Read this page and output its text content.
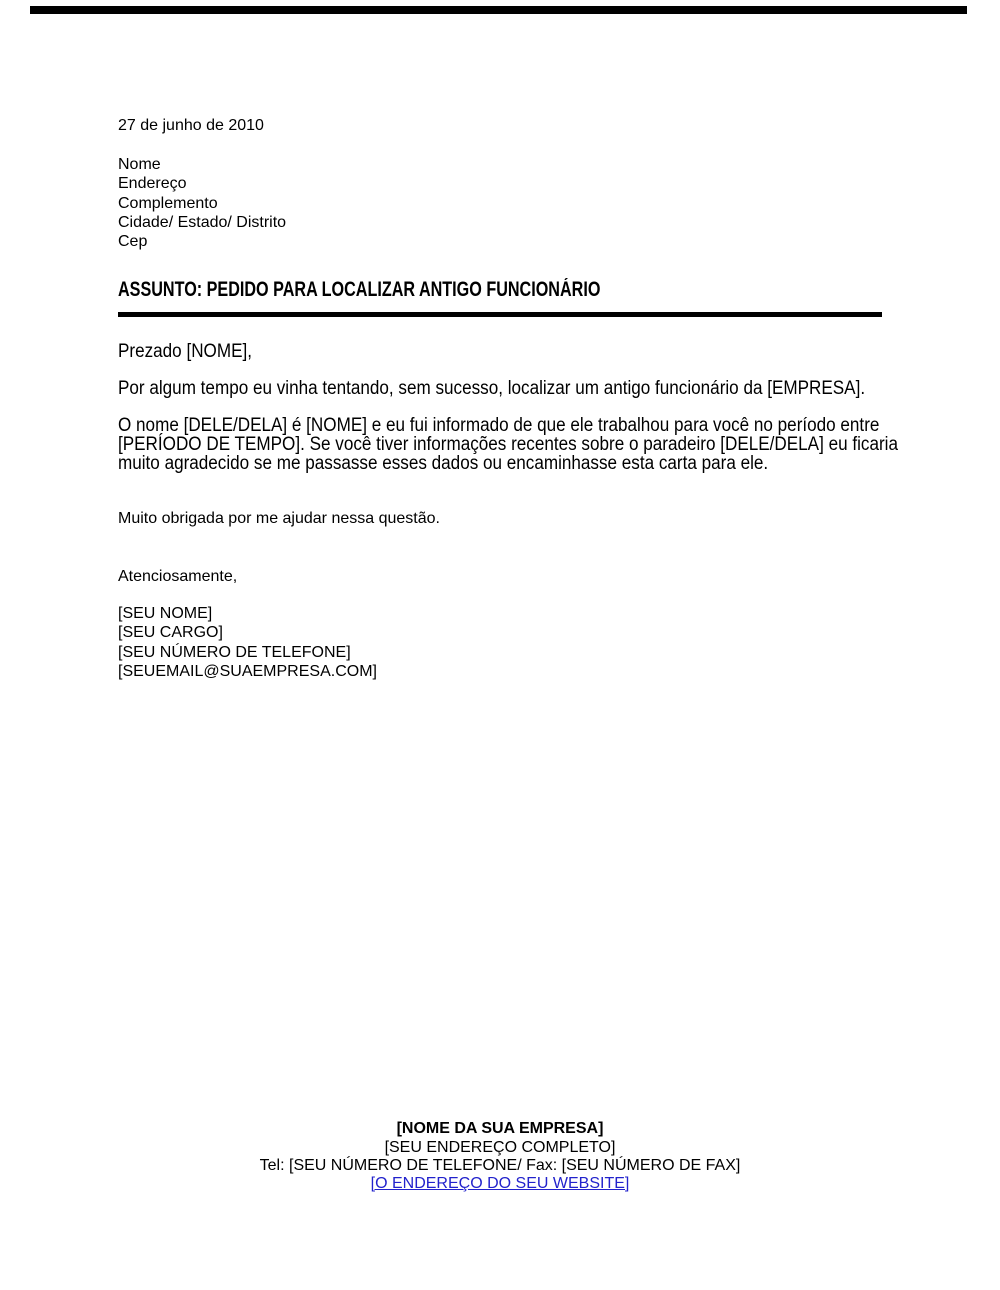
27 de junho de 2010
Nome
Endereço
Complemento
Cidade/ Estado/ Distrito
Cep
ASSUNTO: PEDIDO PARA LOCALIZAR ANTIGO FUNCIONÁRIO
Prezado [NOME],
Por algum tempo eu vinha tentando, sem sucesso, localizar um antigo funcionário da [EMPRESA].
O nome [DELE/DELA] é [NOME] e eu fui informado de que ele trabalhou para você no período entre
[PERÍODO DE TEMPO]. Se você tiver informações recentes sobre o paradeiro [DELE/DELA] eu ficaria
muito agradecido se me passasse esses dados ou encaminhasse esta carta para ele.
Muito obrigada por me ajudar nessa questão.
Atenciosamente,
[SEU NOME]
[SEU CARGO]
[SEU NÚMERO DE TELEFONE]
[SEUEMAIL@SUAEMPRESA.COM]
[NOME DA SUA EMPRESA]
[SEU ENDEREÇO COMPLETO]
Tel: [SEU NÚMERO DE TELEFONE/ Fax: [SEU NÚMERO DE FAX]
[O ENDEREÇO DO SEU WEBSITE]
